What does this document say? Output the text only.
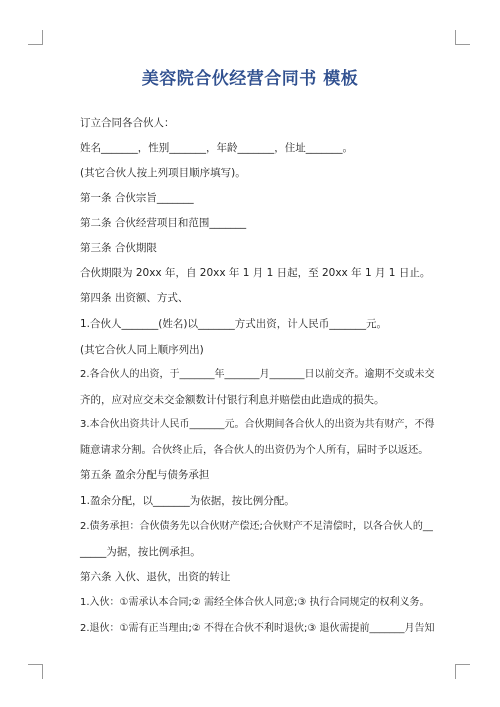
美容院合伙经营合同书 模板
订立合同各合伙人：
姓名_______，性别_______，年龄_______，住址_______。
(其它合伙人按上列项目顺序填写)。
第一条 合伙宗旨_______
第二条 合伙经营项目和范围_______
第三条 合伙期限
合伙期限为 20xx 年，自 20xx 年 1 月 1 日起，至 20xx 年 1 月 1 日止。
第四条 出资额、方式、
1.合伙人_______(姓名)以_______方式出资，计人民币_______元。
(其它合伙人同上顺序列出)
2.各合伙人的出资，于_______年_______月_______日以前交齐。逾期不交或未交
齐的，应对应交未交金额数计付银行利息并赔偿由此造成的损失。
3.本合伙出资共计人民币_______元。合伙期间各合伙人的出资为共有财产，不得
随意请求分割。合伙终止后，各合伙人的出资仍为个人所有，届时予以返还。
第五条 盈余分配与债务承担
1.盈余分配，以_______为依据，按比例分配。
2.债务承担：合伙债务先以合伙财产偿还;合伙财产不足清偿时，以各合伙人的__
_____为据，按比例承担。
第六条 入伙、退伙，出资的转让
1.入伙：①需承认本合同;② 需经全体合伙人同意;③ 执行合同规定的权利义务。
2.退伙：①需有正当理由;② 不得在合伙不利时退伙;③ 退伙需提前_______月告知
